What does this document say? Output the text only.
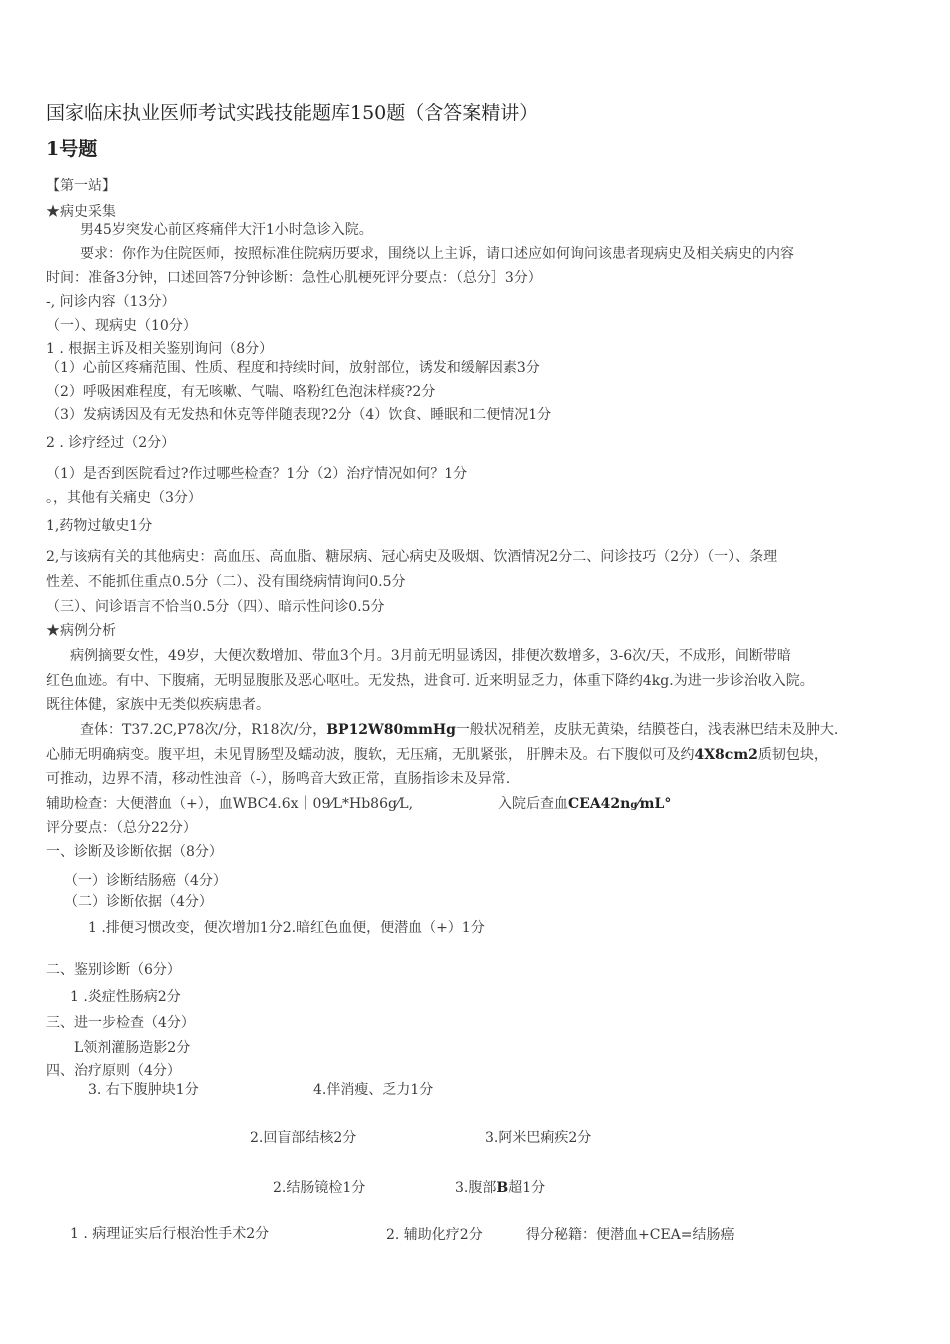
国家临床执业医师考试实践技能题库150题（含答案精讲）
1号题
【第一站】
★病史采集
男45岁突发心前区疼痛伴大汗1小时急诊入院。
要求：你作为住院医师，按照标准住院病历要求，围绕以上主诉，请口述应如何询问该患者现病史及相关病史的内容
时间：准备3分钟，口述回答7分钟诊断：急性心肌梗死评分要点：（总分］3分）
-, 问诊内容（13分）
（一）、现病史（10分）
1 . 根据主诉及相关鉴别询问（8分）
（1）心前区疼痛范围、性质、程度和持续时间，放射部位，诱发和缓解因素3分
（2）呼吸困难程度，有无咳嗽、气喘、咯粉红色泡沫样痰?2分
（3）发病诱因及有无发热和休克等伴随表现?2分（4）饮食、睡眠和二便情况1分
2 . 诊疗经过（2分）
（1）是否到医院看过?作过哪些检查？1分（2）治疗情况如何？1分
。，其他有关痛史（3分）
1,药物过敏史1分
2,与该病有关的其他病史：高血压、高血脂、糖尿病、冠心病史及吸烟、饮酒情况2分二、问诊技巧（2分）（一）、条理
性差、不能抓住重点0.5分（二）、没有围绕病情询问0.5分
（三）、问诊语言不恰当0.5分（四）、暗示性问诊0.5分
★病例分析
病例摘要女性，49岁，大便次数增加、带血3个月。3月前无明显诱因，排便次数增多，3-6次/天，不成形，间断带暗
红色血迹。有中、下腹痛，无明显腹胀及恶心呕吐。无发热，进食可. 近来明显乏力，体重下降约4kg.为进一步诊治收入院。
既往体健，家族中无类似疾病患者。
查体：T37.2C,P78次/分，R18次/分，BP12W80mmHg一般状况稍差，皮肤无黄染，结膜苍白，浅表淋巴结未及肿大.
心肺无明确病变。腹平坦，未见胃肠型及蠕动波，腹软，无压痛，无肌紧张， 肝脾未及。右下腹似可及约4X8cm2质韧包块，
可推动，边界不清，移动性浊音（-），肠鸣音大致正常，直肠指诊未及异常.
辅助检查：大便潜血（+），血WBC4.6x｜09⁄L*Hb86g⁄L,	入院后查血CEA42ng⁄mL°
评分要点：（总分22分）
一、诊断及诊断依据（8分）
（一）诊断结肠癌（4分）
（二）诊断依据（4分）
1 .排便习惯改变，便次增加1分2.暗红色血便，便潜血（+）1分
二、鉴别诊断（6分）
1 .炎症性肠病2分
三、进一步检查（4分）
L领剂灌肠造影2分
四、治疗原则（4分）
3. 右下腹肿块1分	4.伴消瘦、乏力1分
2.回盲部结核2分	3.阿米巴痢疾2分
2.结肠镜检1分	3.腹部B超1分
1 . 病理证实后行根治性手术2分	2. 辅助化疗2分	得分秘籍：便潜血+CEA=结肠癌
